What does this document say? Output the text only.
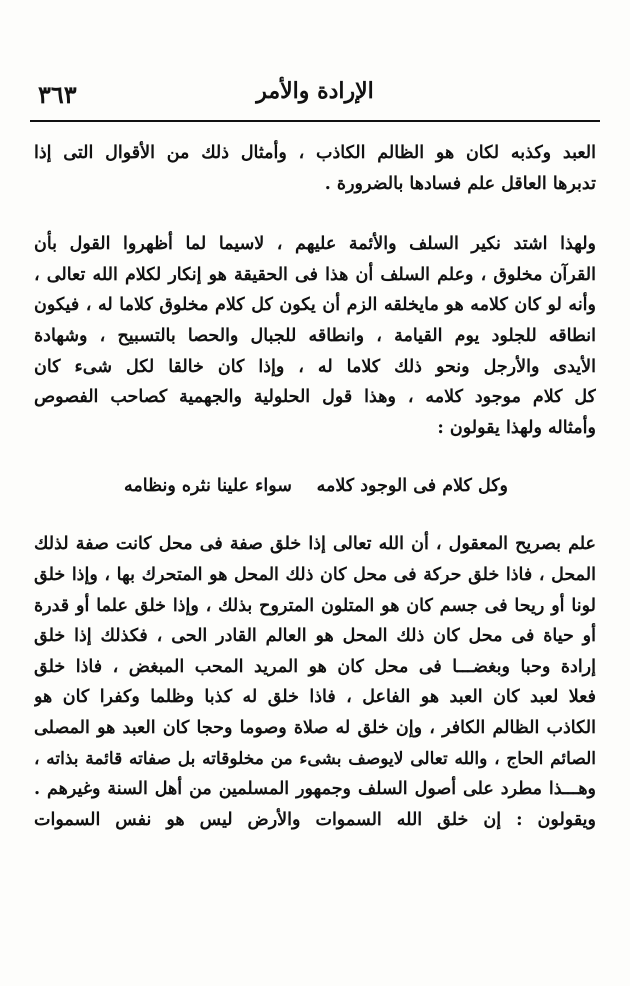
الإرادة والأمر
٣٦٣
العبد وكذبه لكان هو الظالم الكاذب ، وأمثال ذلك من الأقوال التى إذا
تدبرها العاقل علم فسادها بالضرورة .
ولهذا اشتد نكير السلف والأئمة عليهم ، لاسيما لما أظهروا القول بأن
القرآن مخلوق ، وعلم السلف أن هذا فى الحقيقة هو إنكار لكلام الله تعالى ،
وأنه لو كان كلامه هو مايخلقه الزم أن يكون كل كلام مخلوق كلاما له ، فيكون
انطاقه للجلود يوم القيامة ، وانطاقه للجبال والحصا بالتسبيح ، وشهادة
الأيدى والأرجل ونحو ذلك كلاما له ، وإذا كان خالقا لكل شىء كان
كل كلام موجود كلامه ، وهذا قول الحلولية والجهمية كصاحب الفصوص
وأمثاله ولهذا يقولون :
وكل كلام فى الوجود كلامه
سواء علينا نثره ونظامه
علم بصريح المعقول ، أن الله تعالى إذا خلق صفة فى محل كانت صفة لذلك
المحل ، فاذا خلق حركة فى محل كان ذلك المحل هو المتحرك بها ، وإذا خلق
لونا أو ريحا فى جسم كان هو المتلون المتروح بذلك ، وإذا خلق علما أو قدرة
أو حياة فى محل كان ذلك المحل هو العالم القادر الحى ، فكذلك إذا خلق
إرادة وحبا وبغضـــا فى محل كان هو المريد المحب المبغض ، فاذا خلق
فعلا لعبد كان العبد هو الفاعل ، فاذا خلق له كذبا وظلما وكفرا كان هو
الكاذب الظالم الكافر ، وإن خلق له صلاة وصوما وحجا كان العبد هو المصلى
الصائم الحاج ، والله تعالى لايوصف بشىء من مخلوقاته بل صفاته قائمة بذاته ،
وهـــذا مطرد على أصول السلف وجمهور المسلمين من أهل السنة وغيرهم .
ويقولون : إن خلق الله السموات والأرض ليس هو نفس السموات
